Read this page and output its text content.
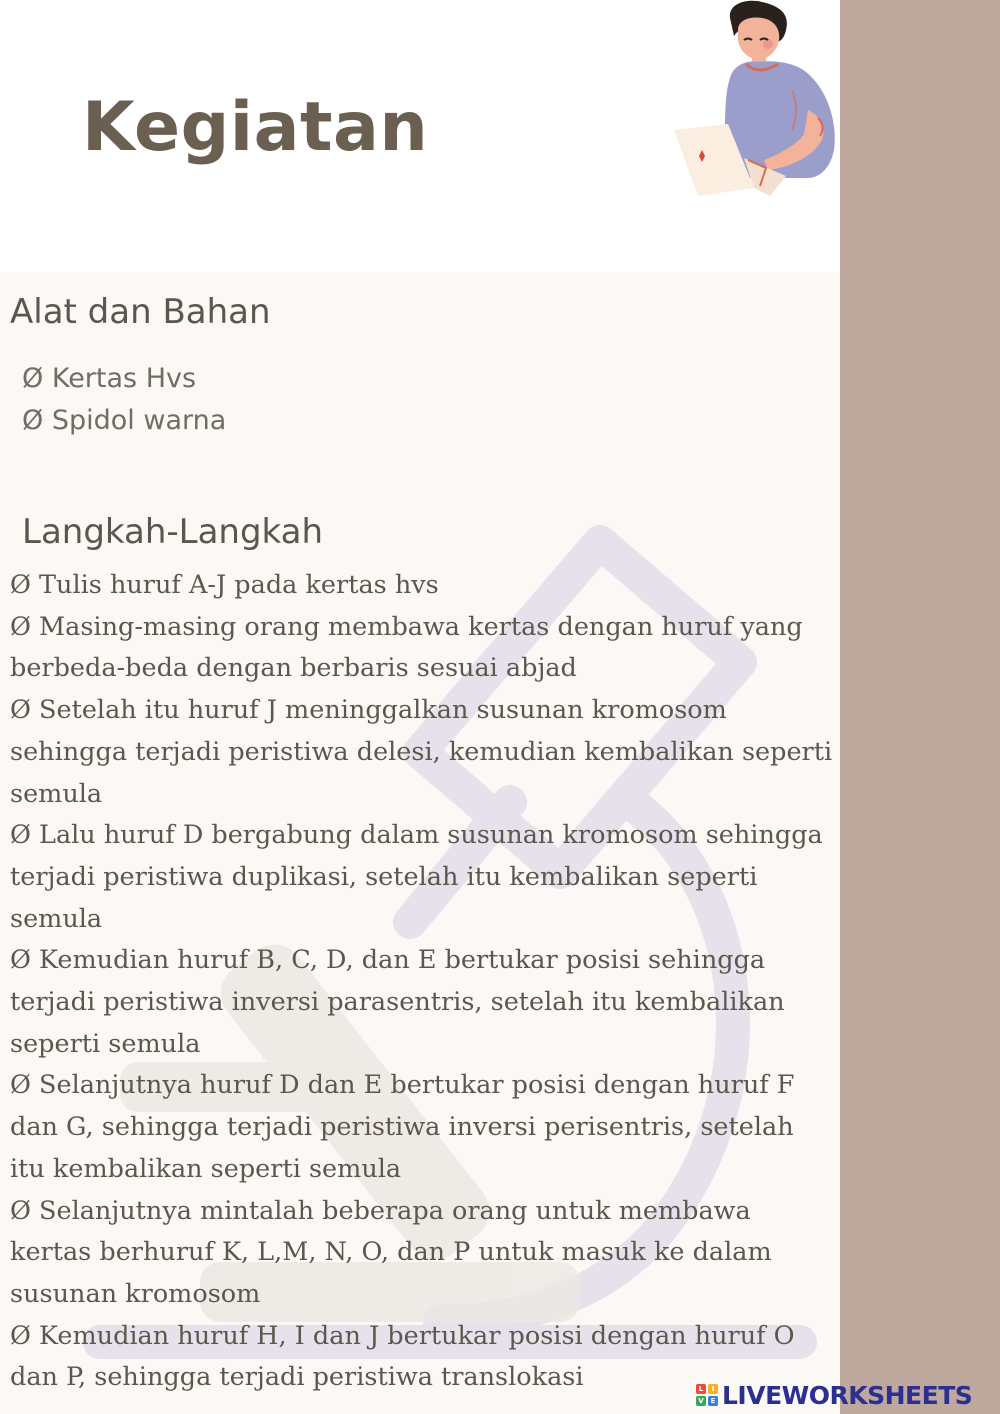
Kegiatan
Alat dan Bahan
Ø Kertas Hvs
Ø Spidol warna
Langkah-Langkah
Ø Tulis huruf A-J pada kertas hvs
Ø Masing-masing orang membawa kertas dengan huruf yang berbeda-beda dengan berbaris sesuai abjad
Ø Setelah itu huruf J meninggalkan susunan kromosom sehingga terjadi peristiwa delesi, kemudian kembalikan seperti semula
Ø Lalu huruf D bergabung dalam susunan kromosom sehingga terjadi peristiwa duplikasi, setelah itu kembalikan seperti semula
Ø Kemudian huruf B, C, D, dan E bertukar posisi sehingga terjadi peristiwa inversi parasentris, setelah itu kembalikan seperti semula
Ø Selanjutnya huruf D dan E bertukar posisi dengan huruf F dan G, sehingga terjadi peristiwa inversi perisentris, setelah itu kembalikan seperti semula
Ø Selanjutnya mintalah beberapa orang untuk membawa kertas berhuruf K, L,M, N, O, dan P untuk masuk ke dalam susunan kromosom
Ø Kemudian huruf H, I dan J bertukar posisi dengan huruf O dan P, sehingga terjadi peristiwa translokasi	L	I
V E LIVEWORKSHEETS
